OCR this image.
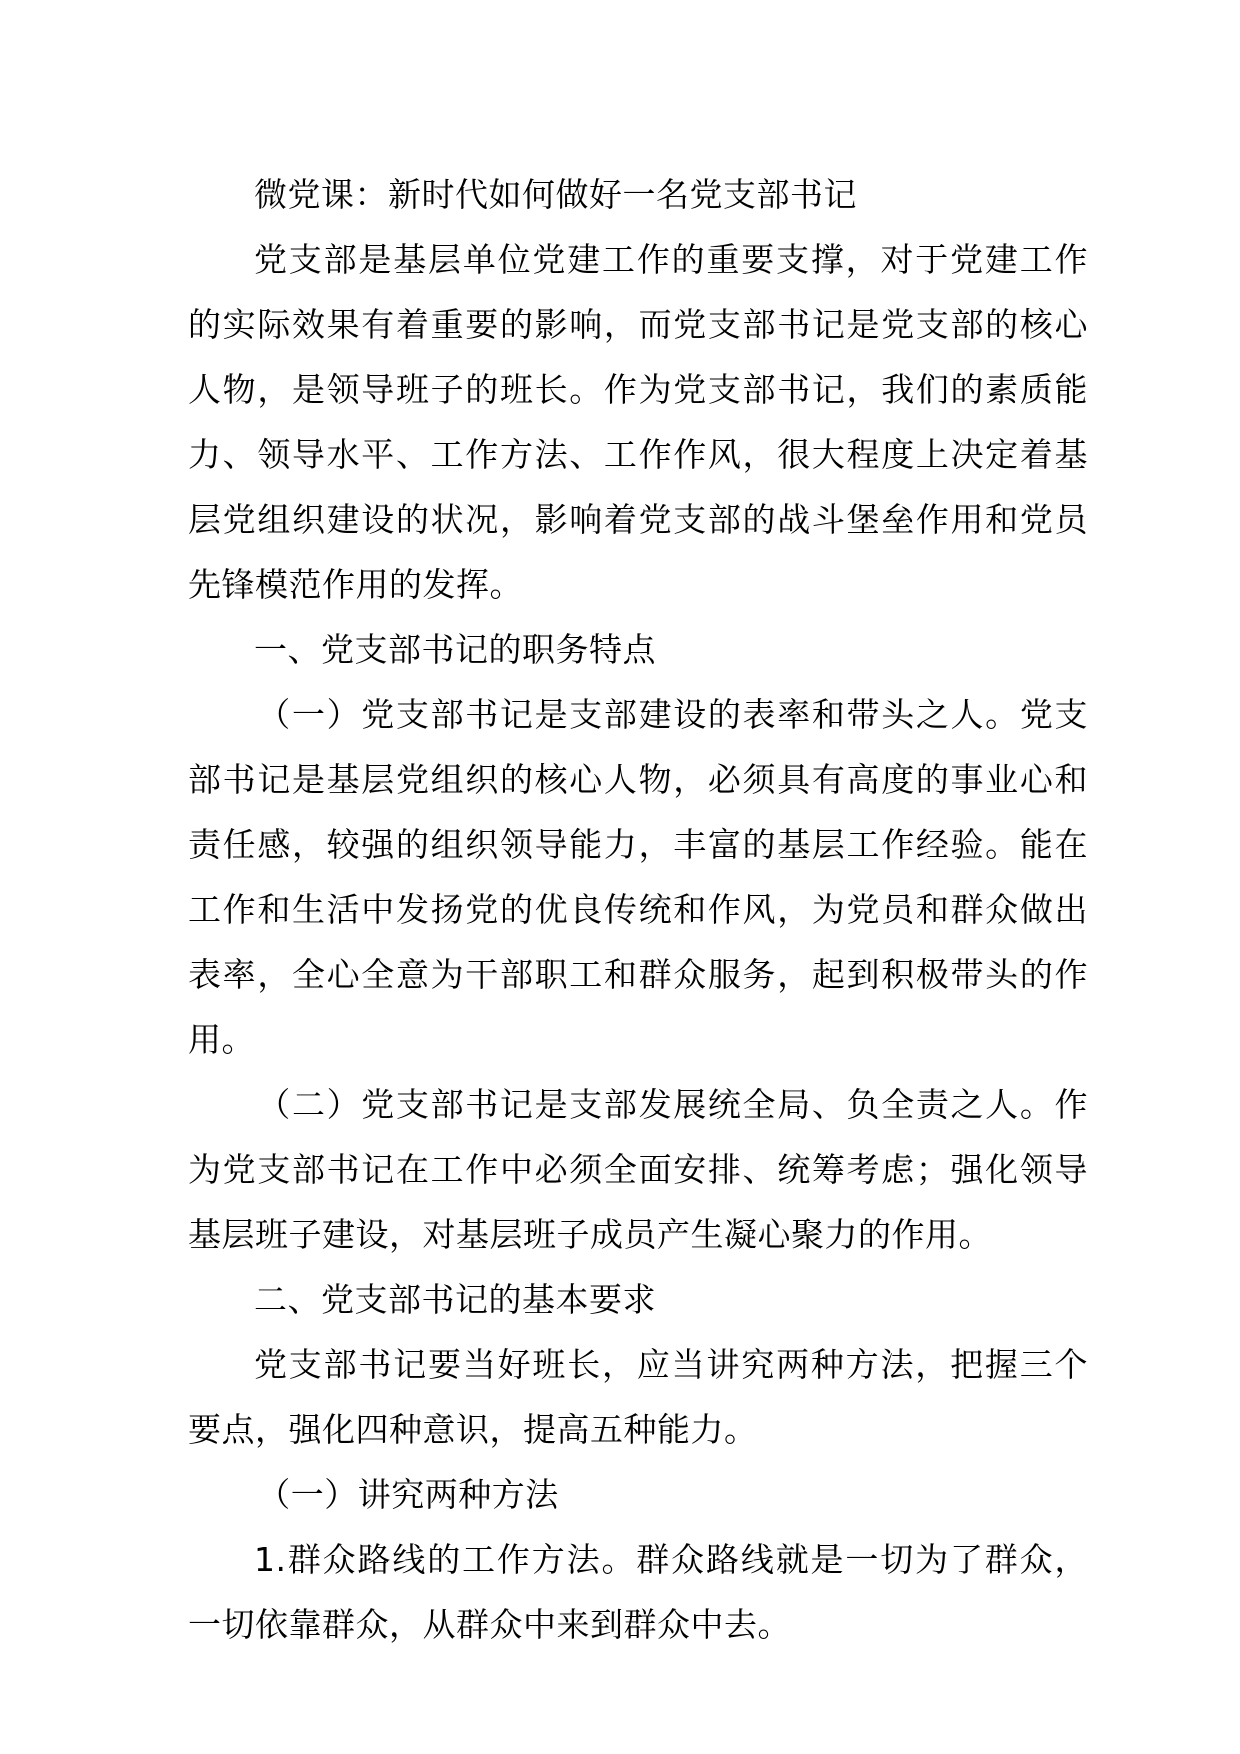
微党课：新时代如何做好一名党支部书记

党支部是基层单位党建工作的重要支撑，对于党建工作的实际效果有着重要的影响，而党支部书记是党支部的核心人物，是领导班子的班长。作为党支部书记，我们的素质能力、领导水平、工作方法、工作作风，很大程度上决定着基层党组织建设的状况，影响着党支部的战斗堡垒作用和党员先锋模范作用的发挥。

一、党支部书记的职务特点

（一）党支部书记是支部建设的表率和带头之人。党支部书记是基层党组织的核心人物，必须具有高度的事业心和责任感，较强的组织领导能力，丰富的基层工作经验。能在工作和生活中发扬党的优良传统和作风，为党员和群众做出表率，全心全意为干部职工和群众服务，起到积极带头的作用。

（二）党支部书记是支部发展统全局、负全责之人。作为党支部书记在工作中必须全面安排、统筹考虑；强化领导基层班子建设，对基层班子成员产生凝心聚力的作用。

二、党支部书记的基本要求

党支部书记要当好班长，应当讲究两种方法，把握三个要点，强化四种意识，提高五种能力。

（一）讲究两种方法

1.群众路线的工作方法。群众路线就是一切为了群众，一切依靠群众，从群众中来到群众中去。
